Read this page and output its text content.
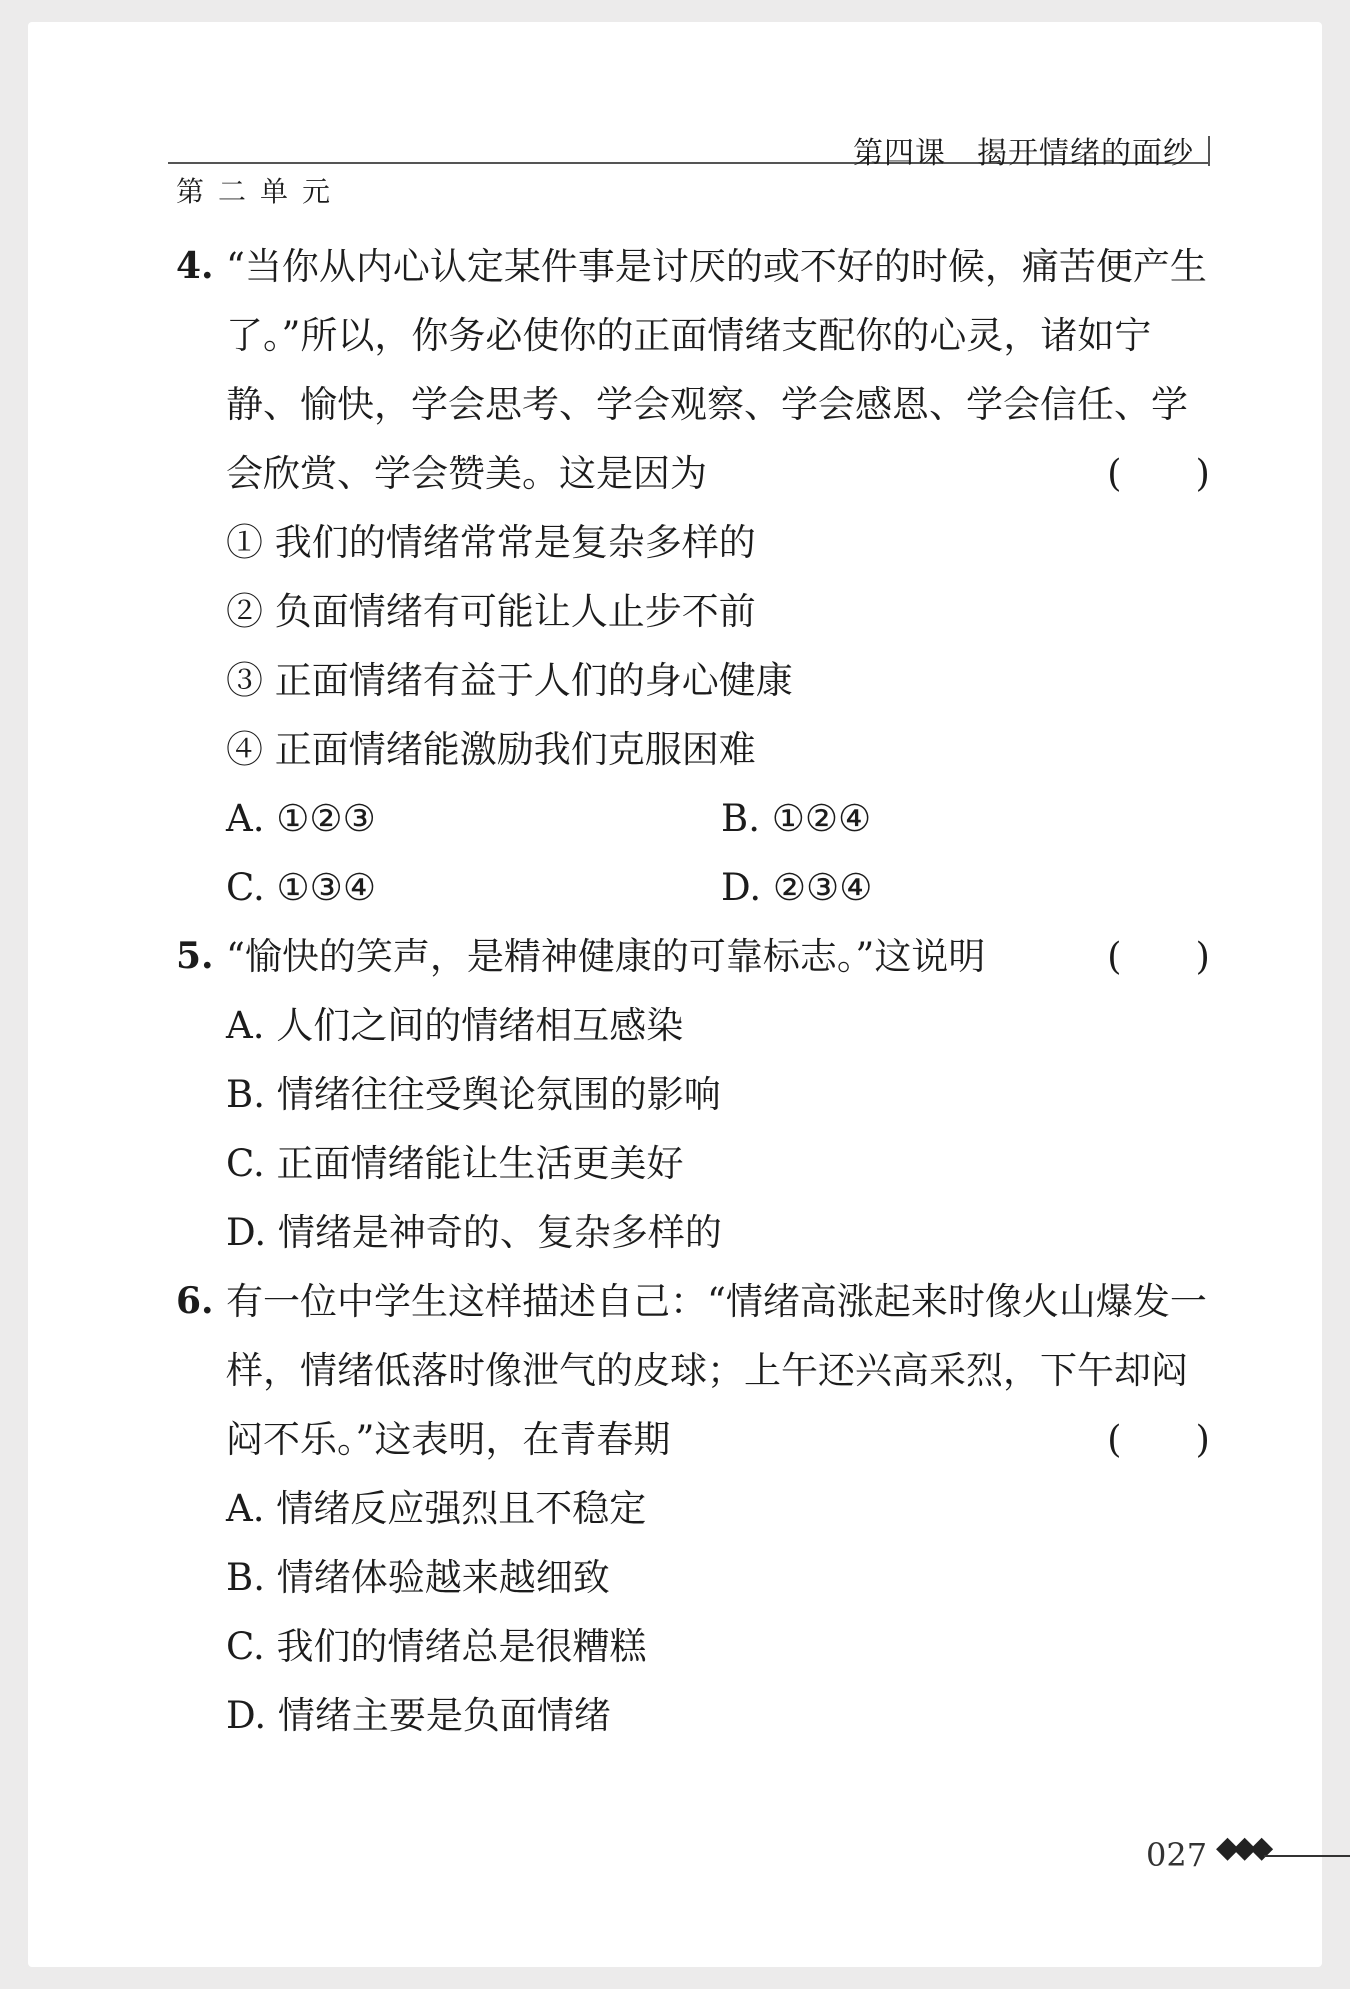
第四课　揭开情绪的面纱
第二单元
4. “当你从内心认定某件事是讨厌的或不好的时候，痛苦便产生了。”所以，你务必使你的正面情绪支配你的心灵，诸如宁静、愉快，学会思考、学会观察、学会感恩、学会信任、学会欣赏、学会赞美。这是因为	(　　)
① 我们的情绪常常是复杂多样的
② 负面情绪有可能让人止步不前
③ 正面情绪有益于人们的身心健康
④ 正面情绪能激励我们克服困难
A. ①②③	B. ①②④
C. ①③④	D. ②③④
5. “愉快的笑声，是精神健康的可靠标志。”这说明	(　　)
A. 人们之间的情绪相互感染
B. 情绪往往受舆论氛围的影响
C. 正面情绪能让生活更美好
D. 情绪是神奇的、复杂多样的
6. 有一位中学生这样描述自己：“情绪高涨起来时像火山爆发一样，情绪低落时像泄气的皮球；上午还兴高采烈，下午却闷闷不乐。”这表明，在青春期	(　　)
A. 情绪反应强烈且不稳定
B. 情绪体验越来越细致
C. 我们的情绪总是很糟糕
D. 情绪主要是负面情绪
027 ◆◆◆
